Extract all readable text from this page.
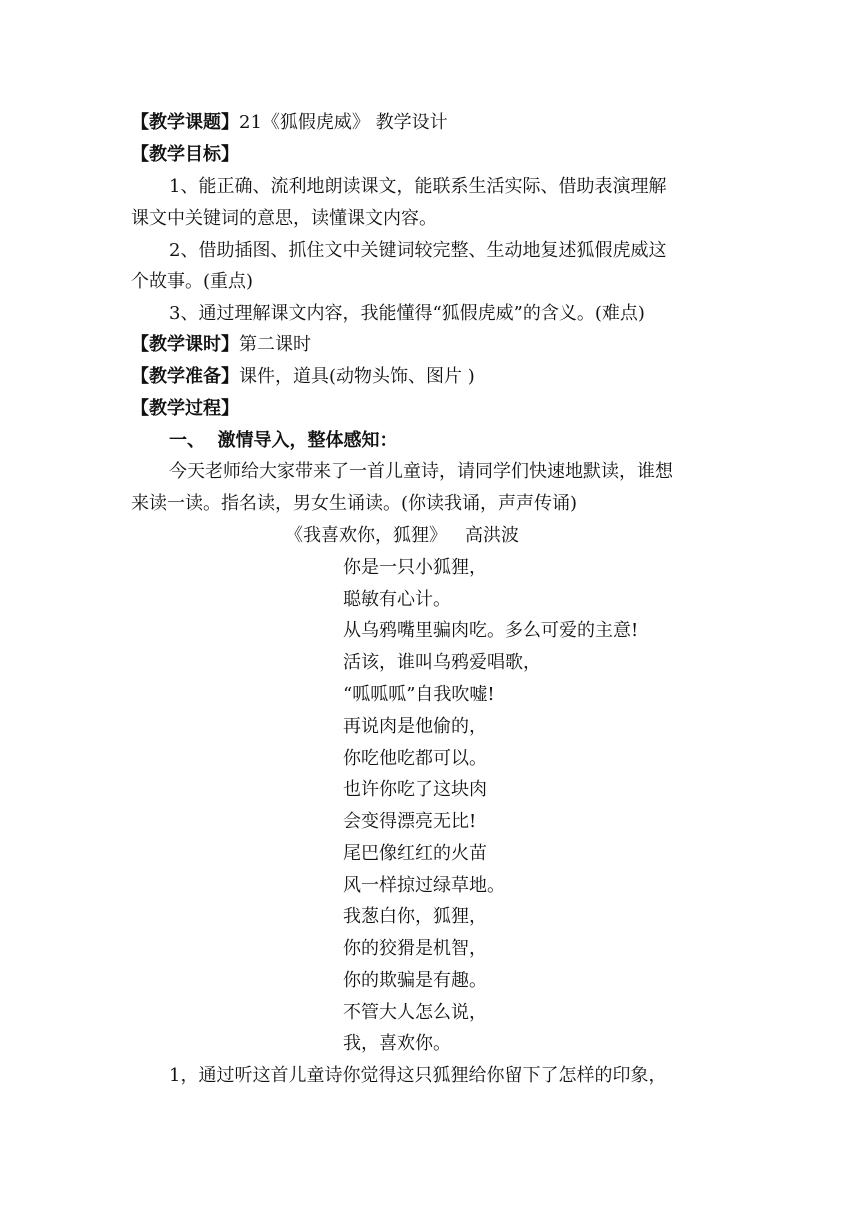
【教学课题】21《狐假虎威》 教学设计
【教学目标】
1、能正确、流利地朗读课文，能联系生活实际、借助表演理解
课文中关键词的意思，读懂课文内容。
2、借助插图、抓住文中关键词较完整、生动地复述狐假虎威这
个故事。(重点)
3、通过理解课文内容，我能懂得“狐假虎威”的含义。(难点)
【教学课时】第二课时
【教学准备】课件，道具(动物头饰、图片 )
【教学过程】
一、  激情导入，整体感知：
今天老师给大家带来了一首儿童诗，请同学们快速地默读，谁想
来读一读。指名读，男女生诵读。(你读我诵，声声传诵)
《我喜欢你，狐狸》 高洪波
你是一只小狐狸，
聪敏有心计。
从乌鸦嘴里骗肉吃。多么可爱的主意!
活该，谁叫乌鸦爱唱歌，
“呱呱呱”自我吹嘘!
再说肉是他偷的，
你吃他吃都可以。
也许你吃了这块肉
会变得漂亮无比!
尾巴像红红的火苗
风一样掠过绿草地。
我葱白你，狐狸，
你的狡猾是机智，
你的欺骗是有趣。
不管大人怎么说，
我，喜欢你。
1，通过听这首儿童诗你觉得这只狐狸给你留下了怎样的印象，
